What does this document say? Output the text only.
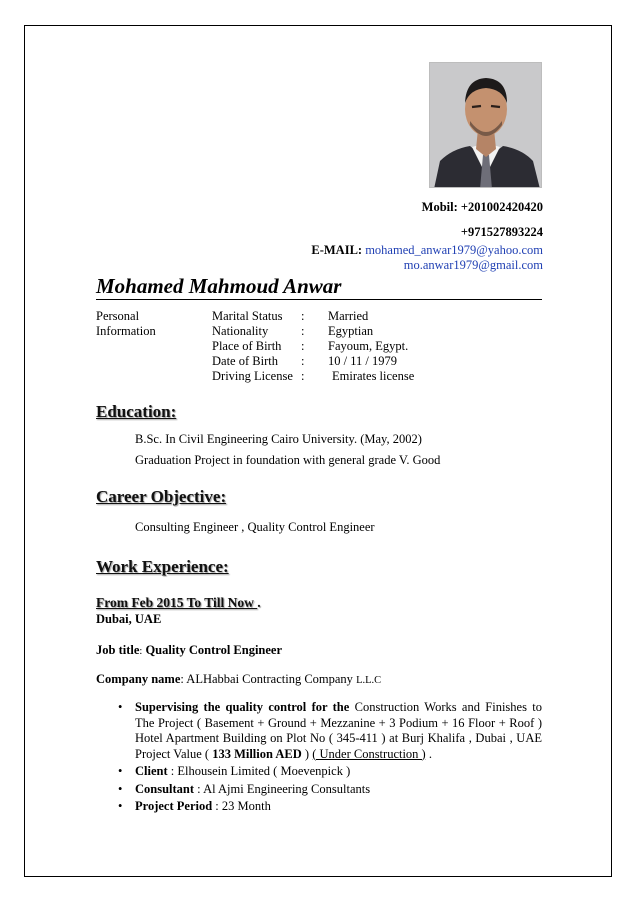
Mobil: +201002420420
+971527893224
E-MAIL: mohamed_anwar1979@yahoo.com
mo.anwar1979@gmail.com
Mohamed Mahmoud Anwar
Personal
Information
Marital Status : Married
Nationality	: Egyptian
Place of Birth : Fayoum, Egypt.
Date of Birth : 10 / 11 / 1979
Driving License : Emirates license
Education:
B.Sc. In Civil Engineering Cairo University. (May, 2002)
Graduation Project in foundation with general grade V. Good
Career Objective:
Consulting Engineer , Quality Control Engineer
Work Experience:
From Feb 2015 To Till Now .
Dubai, UAE
Job title: Quality Control Engineer
Company name: ALHabbai Contracting Company L.L.C
• Supervising the quality control for the Construction Works and Finishes to The Project ( Basement + Ground + Mezzanine + 3 Podium + 16 Floor + Roof ) Hotel Apartment Building on Plot No ( 345-411 ) at Burj Khalifa , Dubai , UAE Project Value ( 133 Million AED ) ( Under Construction ) .
• Client : Elhousein Limited ( Moevenpick )
• Consultant : Al Ajmi Engineering Consultants
• Project Period : 23 Month
